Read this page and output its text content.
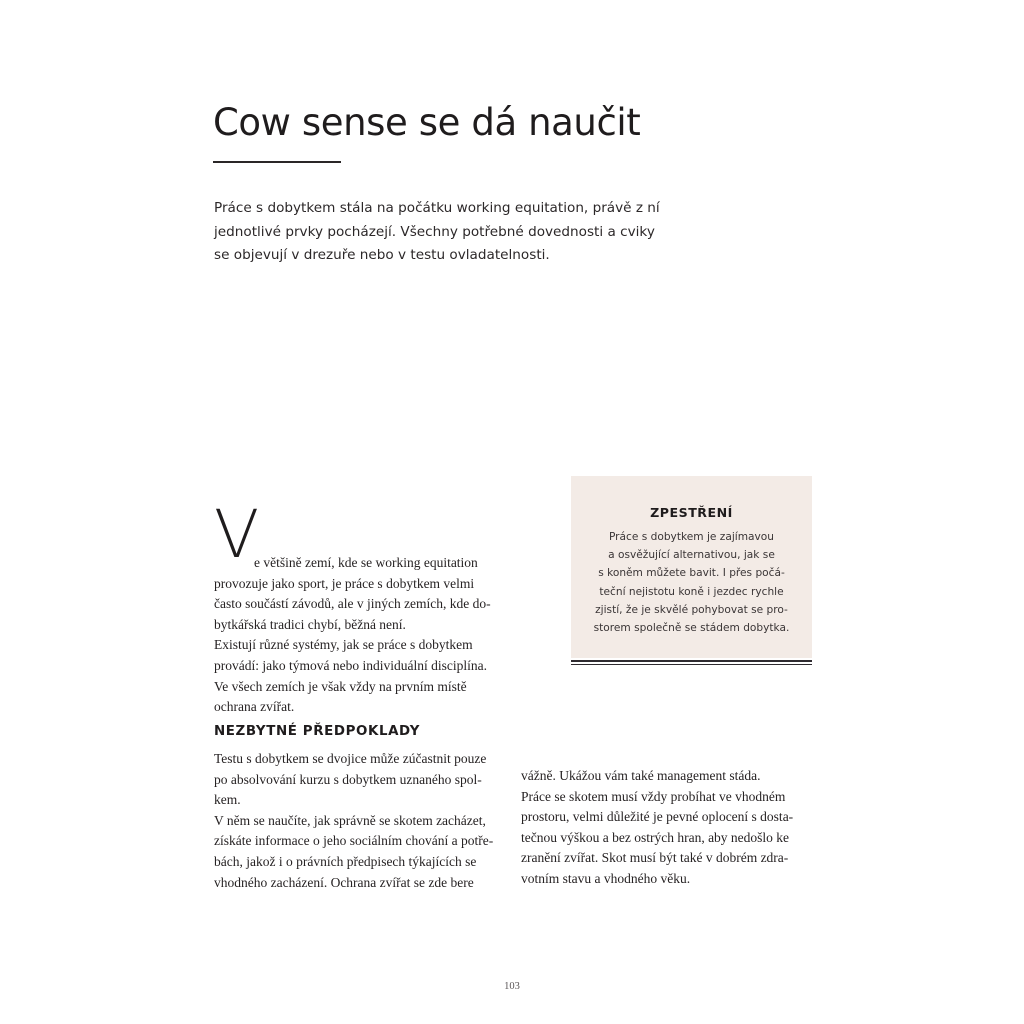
Cow sense se dá naučit
Práce s dobytkem stála na počátku working equitation, právě z ní
jednotlivé prvky pocházejí. Všechny potřebné dovednosti a cviky
se objevují v drezuře nebo v testu ovladatelnosti.
V
e většině zemí, kde se working equitation
provozuje jako sport, je práce s dobytkem velmi
často součástí závodů, ale v jiných zemích, kde do-
bytkářská tradici chybí, běžná není.
Existují různé systémy, jak se práce s dobytkem
provádí: jako týmová nebo individuální disciplína.
Ve všech zemích je však vždy na prvním místě
ochrana zvířat.
NEZBYTNÉ PŘEDPOKLADY
Testu s dobytkem se dvojice může zúčastnit pouze
po absolvování kurzu s dobytkem uznaného spol-
kem.
V něm se naučíte, jak správně se skotem zacházet,
získáte informace o jeho sociálním chování a potře-
bách, jakož i o právních předpisech týkajících se
vhodného zacházení. Ochrana zvířat se zde bere
vážně. Ukážou vám také management stáda.
Práce se skotem musí vždy probíhat ve vhodném
prostoru, velmi důležité je pevné oplocení s dosta-
tečnou výškou a bez ostrých hran, aby nedošlo ke
zranění zvířat. Skot musí být také v dobrém zdra-
votním stavu a vhodného věku.
ZPESTŘENÍ
Práce s dobytkem je zajímavou
a osvěžující alternativou, jak se
s koněm můžete bavit. I přes počá-
teční nejistotu koně i jezdec rychle
zjistí, že je skvělé pohybovat se pro-
storem společně se stádem dobytka.
103
